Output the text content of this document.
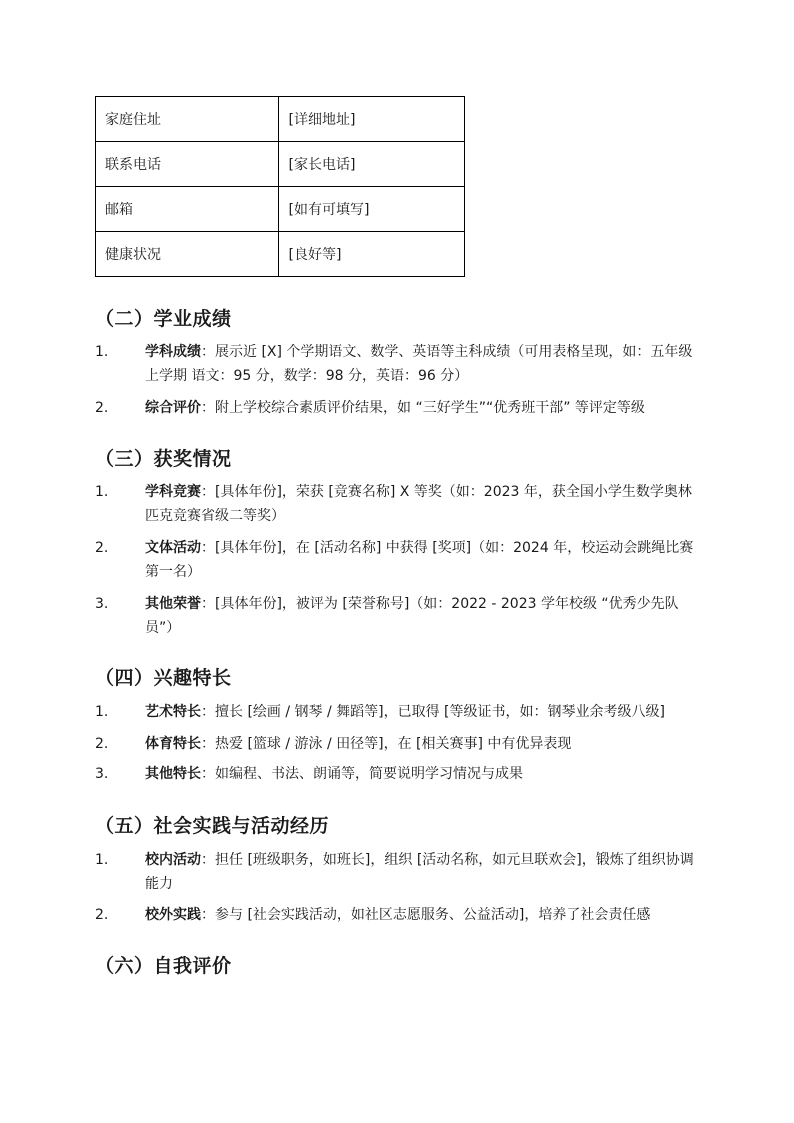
家庭住址	[详细地址]
联系电话	[家长电话]
邮箱	[如有可填写]
健康状况	[良好等]
（二）学业成绩
1.	学科成绩：展示近 [X] 个学期语文、数学、英语等主科成绩（可用表格呈现，如：五年级上学期 语文：95 分，数学：98 分，英语：96 分）
2.	综合评价：附上学校综合素质评价结果，如 “三好学生”“优秀班干部” 等评定等级
（三）获奖情况
1.	学科竞赛：[具体年份]，荣获 [竞赛名称] X 等奖（如：2023 年，获全国小学生数学奥林匹克竞赛省级二等奖）
2.	文体活动：[具体年份]，在 [活动名称] 中获得 [奖项]（如：2024 年，校运动会跳绳比赛第一名）
3.	其他荣誉：[具体年份]，被评为 [荣誉称号]（如：2022 - 2023 学年校级 “优秀少先队员”）
（四）兴趣特长
1.	艺术特长：擅长 [绘画 / 钢琴 / 舞蹈等]，已取得 [等级证书，如：钢琴业余考级八级]
2.	体育特长：热爱 [篮球 / 游泳 / 田径等]，在 [相关赛事] 中有优异表现
3.	其他特长：如编程、书法、朗诵等，简要说明学习情况与成果
（五）社会实践与活动经历
1.	校内活动：担任 [班级职务，如班长]，组织 [活动名称，如元旦联欢会]，锻炼了组织协调能力
2.	校外实践：参与 [社会实践活动，如社区志愿服务、公益活动]，培养了社会责任感
（六）自我评价
